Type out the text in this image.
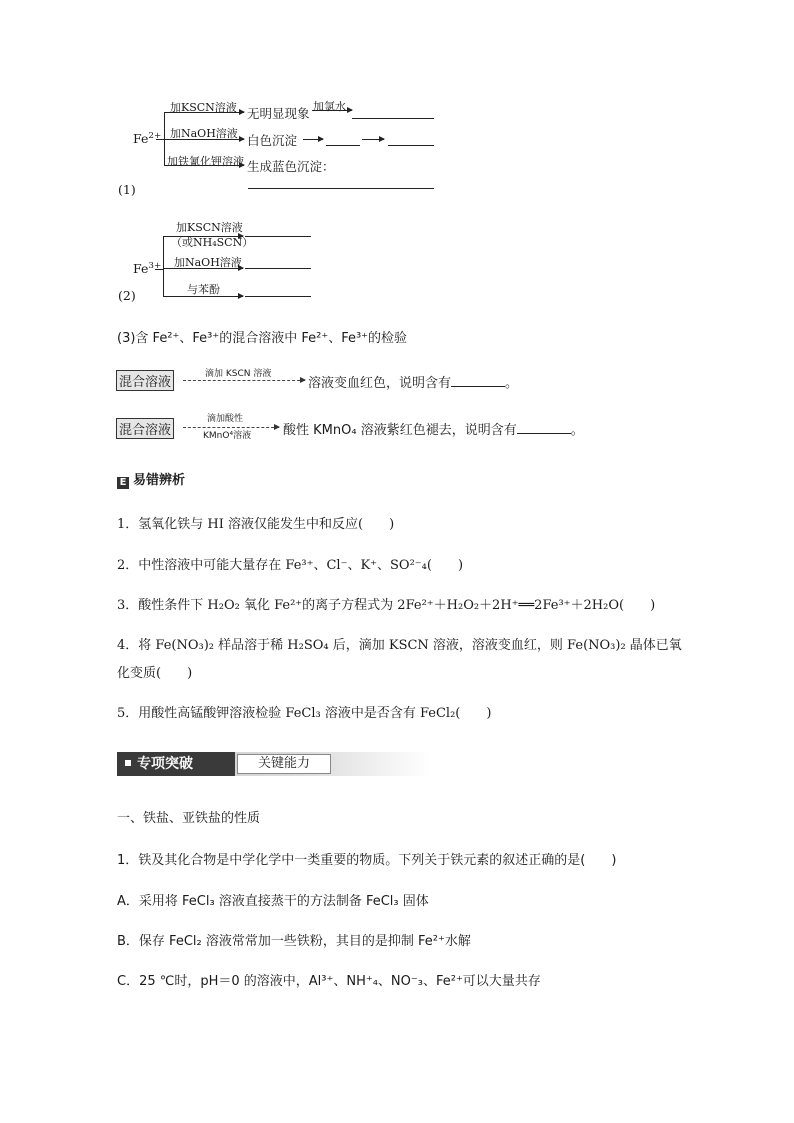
$Fe^{2+}$
加KSCN溶液 无明显现象 加氯水
加NaOH溶液 白色沉淀
加铁氰化钾溶液 生成蓝色沉淀：
(1)
$Fe^{3+}$
加KSCN溶液
（或NH₄SCN）
加NaOH溶液
与苯酚
(2)
(3)含 Fe²⁺、Fe³⁺的混合溶液中 Fe²⁺、Fe³⁺的检验
混合溶液
滴加 KSCN 溶液
溶液变血红色，说明含有	。
混合溶液
滴加酸性
KMnO⁴溶液 酸性 KMnO₄ 溶液紫红色褪去，说明含有	。
E 易错辨析
1．氢氧化铁与 HI 溶液仅能发生中和反应(　　)
2．中性溶液中可能大量存在 Fe³⁺、Cl⁻、K⁺、SO²⁻₄(　　)
3．酸性条件下 H₂O₂ 氧化 Fe²⁺的离子方程式为 2Fe²⁺＋H₂O₂＋2H⁺══2Fe³⁺＋2H₂O(　　)
4．将 Fe(NO₃)₂ 样品溶于稀 H₂SO₄ 后，滴加 KSCN 溶液，溶液变血红，则 Fe(NO₃)₂ 晶体已氧
化变质(　　)
5．用酸性高锰酸钾溶液检验 FeCl₃ 溶液中是否含有 FeCl₂(　　)
专项突破	关键能力
一、铁盐、亚铁盐的性质
1．铁及其化合物是中学化学中一类重要的物质。下列关于铁元素的叙述正确的是(　　)
A．采用将 FeCl₃ 溶液直接蒸干的方法制备 FeCl₃ 固体
B．保存 FeCl₂ 溶液常常加一些铁粉，其目的是抑制 Fe²⁺水解
C．25 ℃时，pH＝0 的溶液中，Al³⁺、NH⁺₄、NO⁻₃、Fe²⁺可以大量共存
